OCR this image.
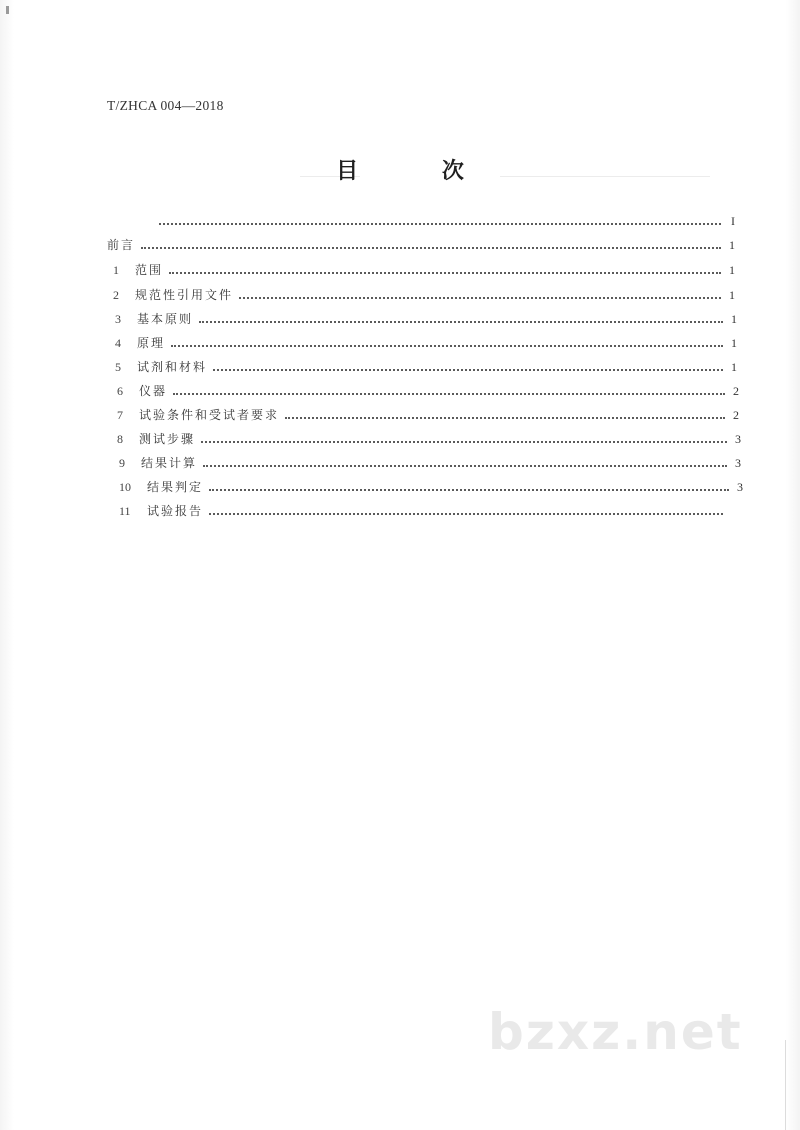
T/ZHCA 004—2018
目 次
I
前言	1
1	范围	1
2	规范性引用文件	1
3	基本原则	1
4	原理	1
5	试剂和材料	1
6	仪器	2
7	试验条件和受试者要求	2
8	测试步骤	3
9	结果计算	3
10	结果判定	3
11	试验报告
bzxz.net
